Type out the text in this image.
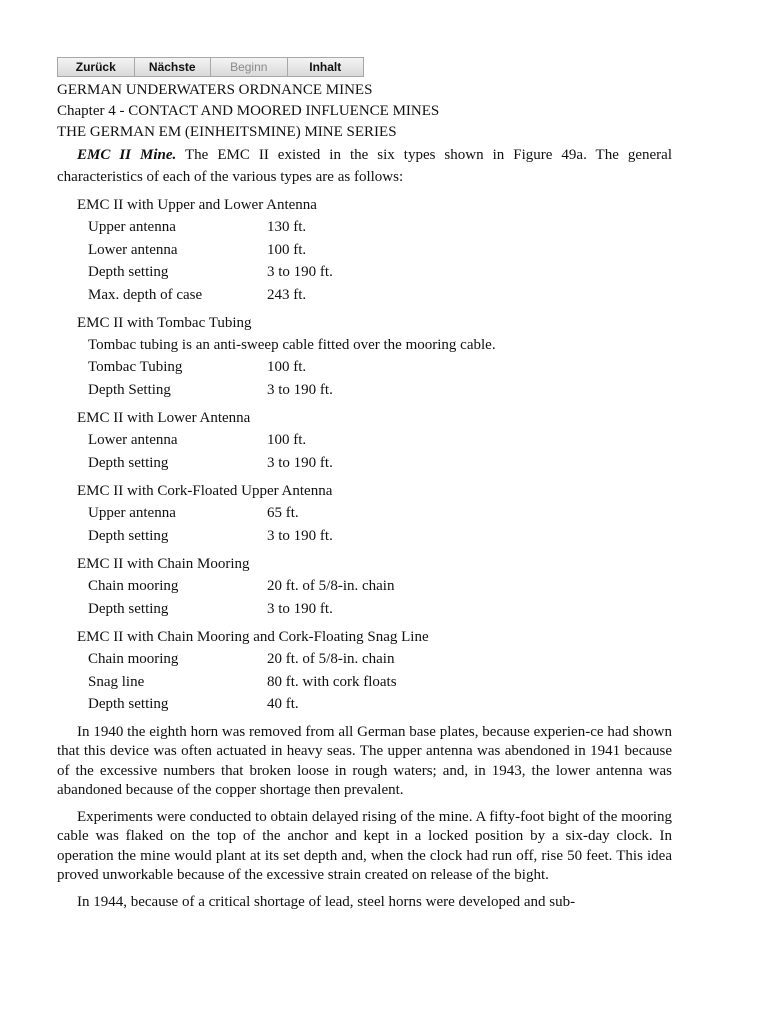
Zurück	Nächste	Beginn	Inhalt
GERMAN UNDERWATERS ORDNANCE MINES
Chapter 4 - CONTACT AND MOORED INFLUENCE MINES
THE GERMAN EM (EINHEITSMINE) MINE SERIES

EMC II Mine. The EMC II existed in the six types shown in Figure 49a. The general characteristics of each of the various types are as follows:

EMC II with Upper and Lower Antenna
Upper antenna	130 ft.
Lower antenna	100 ft.
Depth setting	3 to 190 ft.
Max. depth of case	243 ft.
EMC II with Tombac Tubing
Tombac tubing is an anti-sweep cable fitted over the mooring cable.
Tombac Tubing	100 ft.
Depth Setting	3 to 190 ft.
EMC II with Lower Antenna
Lower antenna	100 ft.
Depth setting	3 to 190 ft.
EMC II with Cork-Floated Upper Antenna
Upper antenna	65 ft.
Depth setting	3 to 190 ft.
EMC II with Chain Mooring
Chain mooring	20 ft. of 5/8-in. chain
Depth setting	3 to 190 ft.
EMC II with Chain Mooring and Cork-Floating Snag Line
Chain mooring	20 ft. of 5/8-in. chain
Snag line	80 ft. with cork floats
Depth setting	40 ft.

In 1940 the eighth horn was removed from all German base plates, because experien-ce had shown that this device was often actuated in heavy seas. The upper antenna was abendoned in 1941 because of the excessive numbers that broken loose in rough waters; and, in 1943, the lower antenna was abandoned because of the copper shortage then prevalent.

Experiments were conducted to obtain delayed rising of the mine. A fifty-foot bight of the mooring cable was flaked on the top of the anchor and kept in a locked position by a six-day clock. In operation the mine would plant at its set depth and, when the clock had run off, rise 50 feet. This idea proved unworkable because of the excessive strain created on release of the bight.

In 1944, because of a critical shortage of lead, steel horns were developed and sub-
